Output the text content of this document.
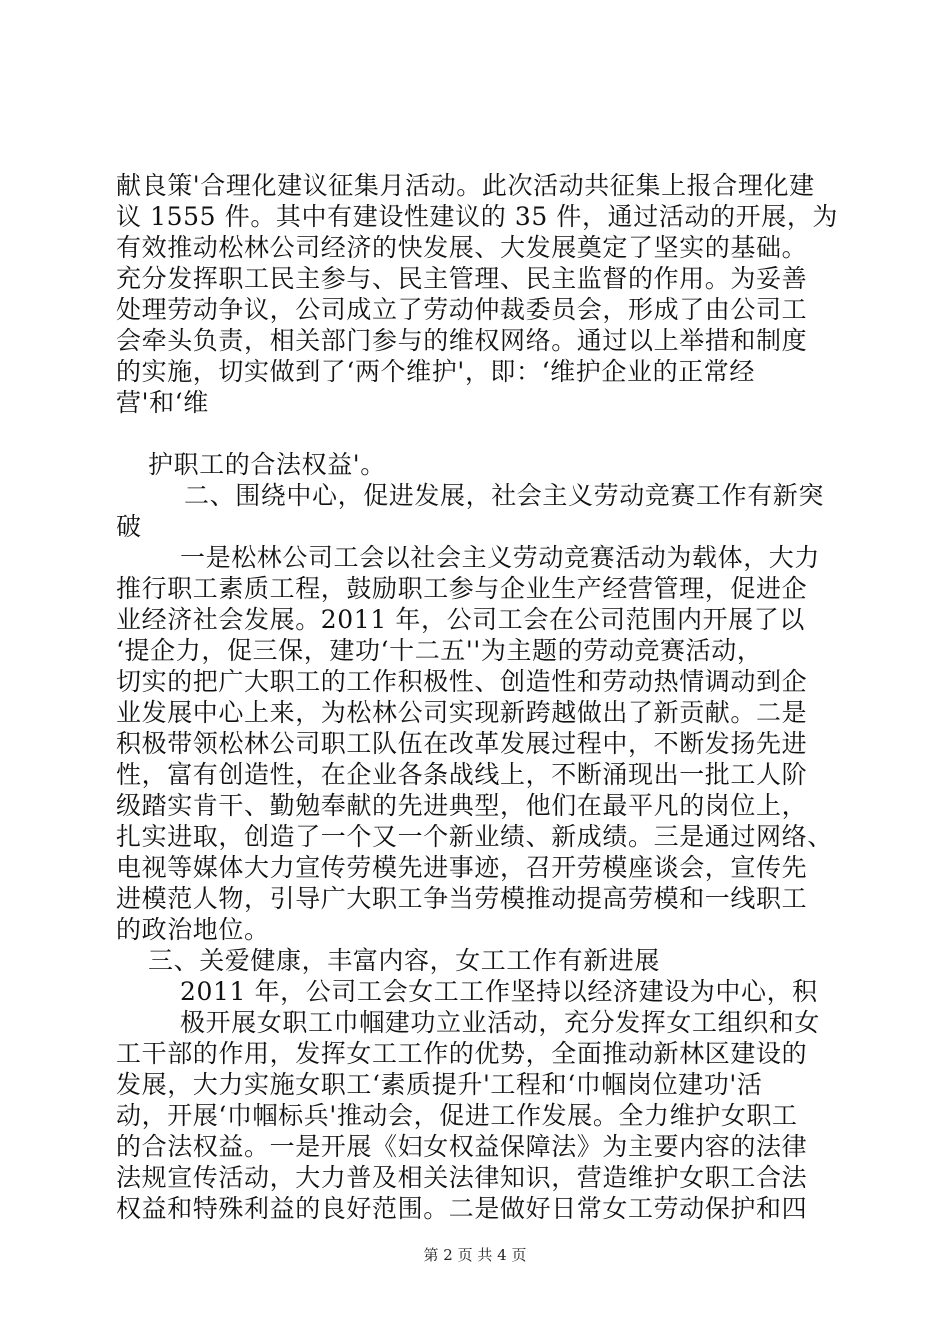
献良策'合理化建议征集月活动。此次活动共征集上报合理化建
议 1555 件。其中有建设性建议的 35 件，通过活动的开展，为
有效推动松林公司经济的快发展、大发展奠定了坚实的基础。
充分发挥职工民主参与、民主管理、民主监督的作用。为妥善
处理劳动争议，公司成立了劳动仲裁委员会，形成了由公司工
会牵头负责，相关部门参与的维权网络。通过以上举措和制度
的实施，切实做到了‘两个维护'，即：‘维护企业的正常经
营'和‘维
护职工的合法权益'。
二、围绕中心，促进发展，社会主义劳动竞赛工作有新突
破
一是松林公司工会以社会主义劳动竞赛活动为载体，大力
推行职工素质工程，鼓励职工参与企业生产经营管理，促进企
业经济社会发展。2011 年，公司工会在公司范围内开展了以
‘提企力，促三保，建功‘十二五''为主题的劳动竞赛活动，
切实的把广大职工的工作积极性、创造性和劳动热情调动到企
业发展中心上来，为松林公司实现新跨越做出了新贡献。二是
积极带领松林公司职工队伍在改革发展过程中，不断发扬先进
性，富有创造性，在企业各条战线上，不断涌现出一批工人阶
级踏实肯干、勤勉奉献的先进典型，他们在最平凡的岗位上，
扎实进取，创造了一个又一个新业绩、新成绩。三是通过网络、
电视等媒体大力宣传劳模先进事迹，召开劳模座谈会，宣传先
进模范人物，引导广大职工争当劳模推动提高劳模和一线职工
的政治地位。
三、关爱健康，丰富内容，女工工作有新进展
2011 年，公司工会女工工作坚持以经济建设为中心，积
极开展女职工巾帼建功立业活动，充分发挥女工组织和女
工干部的作用，发挥女工工作的优势，全面推动新林区建设的
发展，大力实施女职工‘素质提升'工程和‘巾帼岗位建功'活
动，开展‘巾帼标兵'推动会，促进工作发展。全力维护女职工
的合法权益。一是开展《妇女权益保障法》为主要内容的法律
法规宣传活动，大力普及相关法律知识，营造维护女职工合法
权益和特殊利益的良好范围。二是做好日常女工劳动保护和四
第 2 页 共 4 页
